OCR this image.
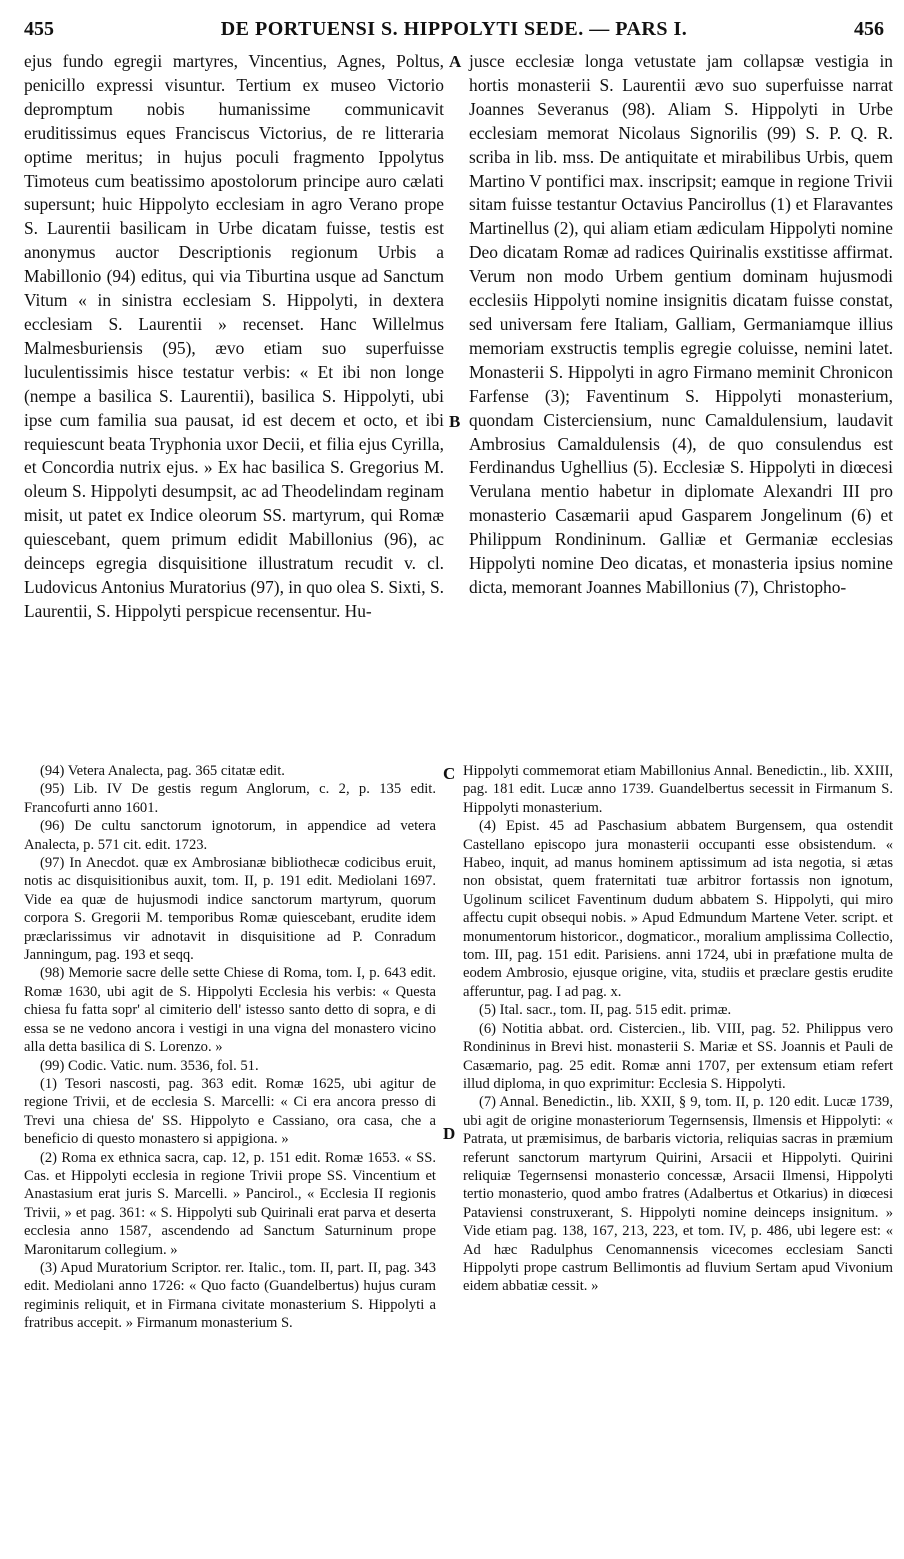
455	DE PORTUENSI S. HIPPOLYTI SEDE. — PARS I.	456

ejus fundo egregii martyres, Vincentius, Agnes, Poltus, penicillo expressi visuntur. Tertium ex museo Victorio depromptum nobis humanissime communicavit eruditissimus eques Franciscus Victorius, de re litteraria optime meritus; in hujus poculi fragmento Ippolytus Timoteus cum beatissimo apostolorum principe auro cælati supersunt; huic Hippolyto ecclesiam in agro Verano prope S. Laurentii basilicam in Urbe dicatam fuisse, testis est anonymus auctor Descriptionis regionum Urbis a Mabillonio (94) editus, qui via Tiburtina usque ad Sanctum Vitum « in sinistra ecclesiam S. Hippolyti, in dextera ecclesiam S. Laurentii » recenset. Hanc Willelmus Malmesburiensis (95), ævo etiam suo superfuisse luculentissimis hisce testatur verbis: « Et ibi non longe (nempe a basilica S. Laurentii), basilica S. Hippolyti, ubi ipse cum familia sua pausat, id est decem et octo, et ibi requiescunt beata Tryphonia uxor Decii, et filia ejus Cyrilla, et Concordia nutrix ejus. » Ex hac basilica S. Gregorius M. oleum S. Hippolyti desumpsit, ac ad Theodelindam reginam misit, ut patet ex Indice oleorum SS. martyrum, qui Romæ quiescebant, quem primum edidit Mabillonius (96), ac deinceps egregia disquisitione illustratum recudit v. cl. Ludovicus Antonius Muratorius (97), in quo olea S. Sixti, S. Laurentii, S. Hippolyti perspicue recensentur. Hu-

jusce ecclesiæ longa vetustate jam collapsæ vestigia in hortis monasterii S. Laurentii ævo suo superfuisse narrat Joannes Severanus (98). Aliam S. Hippolyti in Urbe ecclesiam memorat Nicolaus Signorilis (99) S. P. Q. R. scriba in lib. mss. De antiquitate et mirabilibus Urbis, quem Martino V pontifici max. inscripsit; eamque in regione Trivii sitam fuisse testantur Octavius Pancirollus (1) et Flaravantes Martinellus (2), qui aliam etiam ædiculam Hippolyti nomine Deo dicatam Romæ ad radices Quirinalis exstitisse affirmat. Verum non modo Urbem gentium dominam hujusmodi ecclesiis Hippolyti nomine insignitis dicatam fuisse constat, sed universam fere Italiam, Galliam, Germaniamque illius memoriam exstructis templis egregie coluisse, nemini latet. Monasterii S. Hippolyti in agro Firmano meminit Chronicon Farfense (3); Faventinum S. Hippolyti monasterium, quondam Cisterciensium, nunc Camaldulensium, laudavit Ambrosius Camaldulensis (4), de quo consulendus est Ferdinandus Ughellius (5). Ecclesiæ S. Hippolyti in diœcesi Verulana mentio habetur in diplomate Alexandri III pro monasterio Casæmarii apud Gasparem Jongelinum (6) et Philippum Rondininum. Galliæ et Germaniæ ecclesias Hippolyti nomine Deo dicatas, et monasteria ipsius nomine dicta, memorant Joannes Mabillonius (7), Christopho-

A
B
C
D

(94) Vetera Analecta, pag. 365 citatæ edit.

(95) Lib. IV De gestis regum Anglorum, c. 2, p. 135 edit. Francofurti anno 1601.

(96) De cultu sanctorum ignotorum, in appendice ad vetera Analecta, p. 571 cit. edit. 1723.

(97) In Anecdot. quæ ex Ambrosianæ bibliothecæ codicibus eruit, notis ac disquisitionibus auxit, tom. II, p. 191 edit. Mediolani 1697. Vide ea quæ de hujusmodi indice sanctorum martyrum, quorum corpora S. Gregorii M. temporibus Romæ quiescebant, erudite idem præclarissimus vir adnotavit in disquisitione ad P. Conradum Janningum, pag. 193 et seqq.

(98) Memorie sacre delle sette Chiese di Roma, tom. I, p. 643 edit. Romæ 1630, ubi agit de S. Hippolyti Ecclesia his verbis: « Questa chiesa fu fatta sopr' al cimiterio dell' istesso santo detto di sopra, e di essa se ne vedono ancora i vestigi in una vigna del monastero vicino alla detta basilica di S. Lorenzo. »

(99) Codic. Vatic. num. 3536, fol. 51.

(1) Tesori nascosti, pag. 363 edit. Romæ 1625, ubi agitur de regione Trivii, et de ecclesia S. Marcelli: « Ci era ancora presso di Trevi una chiesa de' SS. Hippolyto e Cassiano, ora casa, che a beneficio di questo monastero si appigiona. »

(2) Roma ex ethnica sacra, cap. 12, p. 151 edit. Romæ 1653. « SS. Cas. et Hippolyti ecclesia in regione Trivii prope SS. Vincentium et Anastasium erat juris S. Marcelli. » Pancirol., « Ecclesia II regionis Trivii, » et pag. 361: « S. Hippolyti sub Quirinali erat parva et deserta ecclesia anno 1587, ascendendo ad Sanctum Saturninum prope Maronitarum collegium. »

(3) Apud Muratorium Scriptor. rer. Italic., tom. II, part. II, pag. 343 edit. Mediolani anno 1726: « Quo facto (Guandelbertus) hujus curam regiminis reliquit, et in Firmana civitate monasterium S. Hippolyti a fratribus accepit. » Firmanum monasterium S.

Hippolyti commemorat etiam Mabillonius Annal. Benedictin., lib. XXIII, pag. 181 edit. Lucæ anno 1739. Guandelbertus secessit in Firmanum S. Hippolyti monasterium.

(4) Epist. 45 ad Paschasium abbatem Burgensem, qua ostendit Castellano episcopo jura monasterii occupanti esse obsistendum. « Habeo, inquit, ad manus hominem aptissimum ad ista negotia, si ætas non obsistat, quem fraternitati tuæ arbitror fortassis non ignotum, Ugolinum scilicet Faventinum dudum abbatem S. Hippolyti, qui miro affectu cupit obsequi nobis. » Apud Edmundum Martene Veter. script. et monumentorum historicor., dogmaticor., moralium amplissima Collectio, tom. III, pag. 151 edit. Parisiens. anni 1724, ubi in præfatione multa de eodem Ambrosio, ejusque origine, vita, studiis et præclare gestis erudite afferuntur, pag. I ad pag. x.

(5) Ital. sacr., tom. II, pag. 515 edit. primæ.

(6) Notitia abbat. ord. Cistercien., lib. VIII, pag. 52. Philippus vero Rondininus in Brevi hist. monasterii S. Mariæ et SS. Joannis et Pauli de Casæmario, pag. 25 edit. Romæ anni 1707, per extensum etiam refert illud diploma, in quo exprimitur: Ecclesia S. Hippolyti.

(7) Annal. Benedictin., lib. XXII, § 9, tom. II, p. 120 edit. Lucæ 1739, ubi agit de origine monasteriorum Tegernsensis, Ilmensis et Hippolyti: « Patrata, ut præmisimus, de barbaris victoria, reliquias sacras in præmium referunt sanctorum martyrum Quirini, Arsacii et Hippolyti. Quirini reliquiæ Tegernsensi monasterio concessæ, Arsacii Ilmensi, Hippolyti tertio monasterio, quod ambo fratres (Adalbertus et Otkarius) in diœcesi Pataviensi construxerant, S. Hippolyti nomine deinceps insignitum. » Vide etiam pag. 138, 167, 213, 223, et tom. IV, p. 486, ubi legere est: « Ad hæc Radulphus Cenomannensis vicecomes ecclesiam Sancti Hippolyti prope castrum Bellimontis ad fluvium Sertam apud Vivonium eidem abbatiæ cessit. »
